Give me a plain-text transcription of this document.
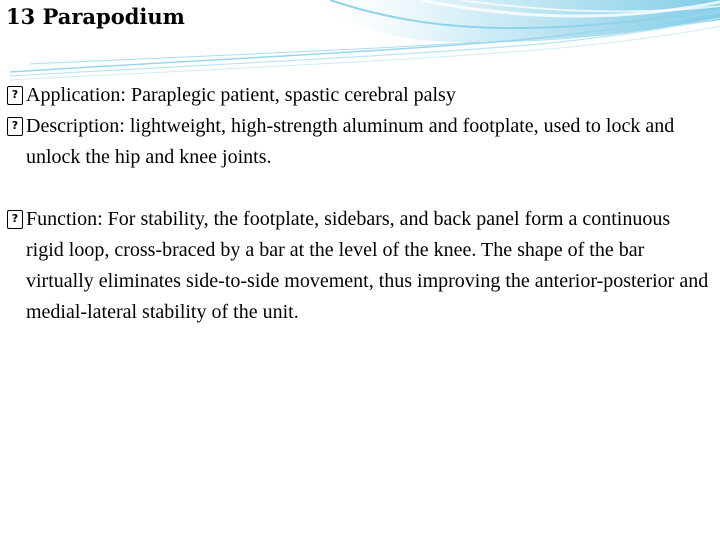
13 Parapodium
? Application: Paraplegic patient, spastic cerebral palsy
? Description: lightweight, high-strength aluminum and footplate, used to lock and unlock the hip and knee joints.
? Function: For stability, the footplate, sidebars, and back panel form a continuous rigid loop, cross-braced by a bar at the level of the knee. The shape of the bar virtually eliminates side-to-side movement, thus improving the anterior-posterior and medial-lateral stability of the unit.
